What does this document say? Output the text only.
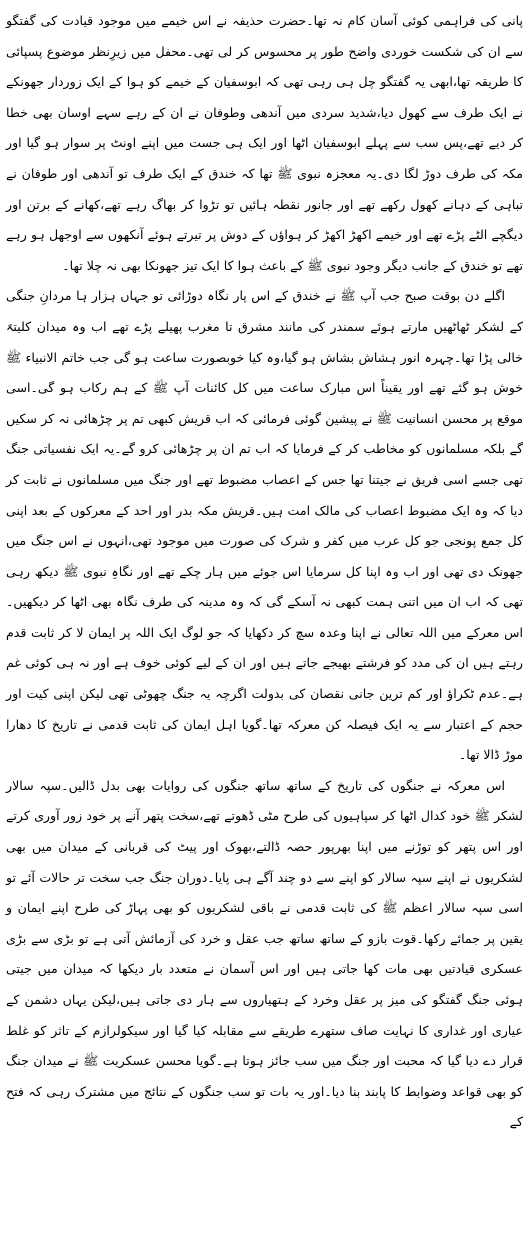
پانی کی فراہمی کوئی آسان کام نہ تھا۔حضرت حذیفہ نے اس خیمے میں موجود قیادت کی گفتگو سے ان کی شکست خوردی واضح طور پر محسوس کر لی تھی۔محفل میں زیرِنظر موضوع پسپائی کا طریقہ تھا،ابھی یہ گفتگو چل ہی رہی تھی کہ ابوسفیان کے خیمے کو ہوا کے ایک زوردار جھونکے نے ایک طرف سے کھول دیا،شدید سردی میں آندھی وطوفان نے ان کے رہے سہے اوسان بھی خطا کر دیے تھے،پس سب سے پہلے ابوسفیان اٹھا اور ایک ہی جست میں اپنے اونٹ پر سوار ہو گیا اور مکہ کی طرف دوڑ لگا دی۔یہ معجزہ نبوی ﷺ تھا کہ خندق کے ایک طرف تو آندھی اور طوفان نے تباہی کے دہانے کھول رکھے تھے اور جانور نقطہ ہائیں تو تڑوا کر بھاگ رہے تھے،کھانے کے برتن اور دیگچے الٹے پڑے تھے اور خیمے اکھڑ اکھڑ کر ہواؤں کے دوش پر تیرتے ہوئے آنکھوں سے اوجھل ہو رہے تھے تو خندق کے جانب دیگر وجود نبوی ﷺ کے باعث ہوا کا ایک تیز جھونکا بھی نہ چلا تھا۔

اگلے دن بوقت صبح جب آپ ﷺ نے خندق کے اس پار نگاہ دوڑائی تو جہاں ہزار ہا مردانِ جنگی کے لشکر ٹھاٹھیں مارتے ہوئے سمندر کی مانند مشرق تا مغرب پھیلے پڑے تھے اب وہ میدان کلیتہً خالی پڑا تھا۔چہرہ انور ہشاش بشاش ہو گیا،وہ کیا خوبصورت ساعت ہو گی جب خاتم الانبیاء ﷺ خوش ہو گئے تھے اور یقیناً اس مبارک ساعت میں کل کائنات آپ ﷺ کے ہم رکاب ہو گی۔اسی موقع پر محسن انسانیت ﷺ نے پیشین گوئی فرمائی کہ اب قریش کبھی تم پر چڑھائی نہ کر سکیں گے بلکہ مسلمانوں کو مخاطب کر کے فرمایا کہ اب تم ان پر چڑھائی کرو گے۔یہ ایک نفسیاتی جنگ تھی جسے اسی فریق نے جیتنا تھا جس کے اعصاب مضبوط تھے اور جنگ میں مسلمانوں نے ثابت کر دیا کہ وہ ایک مضبوط اعصاب کی مالک امت ہیں۔قریش مکہ بدر اور احد کے معرکوں کے بعد اپنی کل جمع پونجی جو کل عرب میں کفر و شرک کی صورت میں موجود تھی،انہوں نے اس جنگ میں جھونک دی تھی اور اب وہ اپنا کل سرمایا اس جوئے میں ہار چکے تھے اور نگاہِ نبوی ﷺ دیکھ رہی تھی کہ اب ان میں اتنی ہمت کبھی نہ آسکے گی کہ وہ مدینہ کی طرف نگاہ بھی اٹھا کر دیکھیں۔اس معرکے میں اللہ تعالی نے اپنا وعدہ سچ کر دکھایا کہ جو لوگ ایک اللہ پر ایمان لا کر ثابت قدم رہتے ہیں ان کی مدد کو فرشتے بھیجے جاتے ہیں اور ان کے لیے کوئی خوف ہے اور نہ ہی کوئی غم ہے۔عدم ٹکراؤ اور کم ترین جانی نقصان کی بدولت اگرچہ یہ جنگ چھوٹی تھی لیکن اپنی کیت اور حجم کے اعتبار سے یہ ایک فیصلہ کن معرکہ تھا۔گویا اہل ایمان کی ثابت قدمی نے تاریخ کا دھارا موڑ ڈالا تھا۔

اس معرکہ نے جنگوں کی تاریخ کے ساتھ ساتھ جنگوں کی روایات بھی بدل ڈالیں۔سپہ سالار لشکر ﷺ خود کدال اٹھا کر سپاہیوں کی طرح مٹی ڈھوتے تھے،سخت پتھر آنے پر خود زور آوری کرتے اور اس پتھر کو توڑنے میں اپنا بھرپور حصہ ڈالتے،بھوک اور پیٹ کی قربانی کے میدان میں بھی لشکریوں نے اپنے سپہ سالار کو اپنے سے دو چند آگے ہی پایا۔دوران جنگ جب سخت تر حالات آئے تو اسی سپہ سالار اعظم ﷺ کی ثابت قدمی نے باقی لشکریوں کو بھی پہاڑ کی طرح اپنے ایمان و یقین پر جمائے رکھا۔قوت بازو کے ساتھ ساتھ جب عقل و خرد کی آزمائش آتی ہے تو بڑی سے بڑی عسکری قیادتیں بھی مات کھا جاتی ہیں اور اس آسمان نے متعدد بار دیکھا کہ میدان میں جیتی ہوئی جنگ گفتگو کی میز پر عقل وخرد کے ہتھیاروں سے ہار دی جاتی ہیں،لیکن یہاں دشمن کے عیاری اور غداری کا نہایت صاف ستھرے طریقے سے مقابلہ کیا گیا اور سیکولرازم کے تاثر کو غلط قرار دے دیا گیا کہ محبت اور جنگ میں سب جائز ہوتا ہے۔گویا محسن عسکریت ﷺ نے میدان جنگ کو بھی قواعد وضوابط کا پابند بنا دیا۔اور یہ بات تو سب جنگوں کے نتائج میں مشترک رہی کہ فتح کے
